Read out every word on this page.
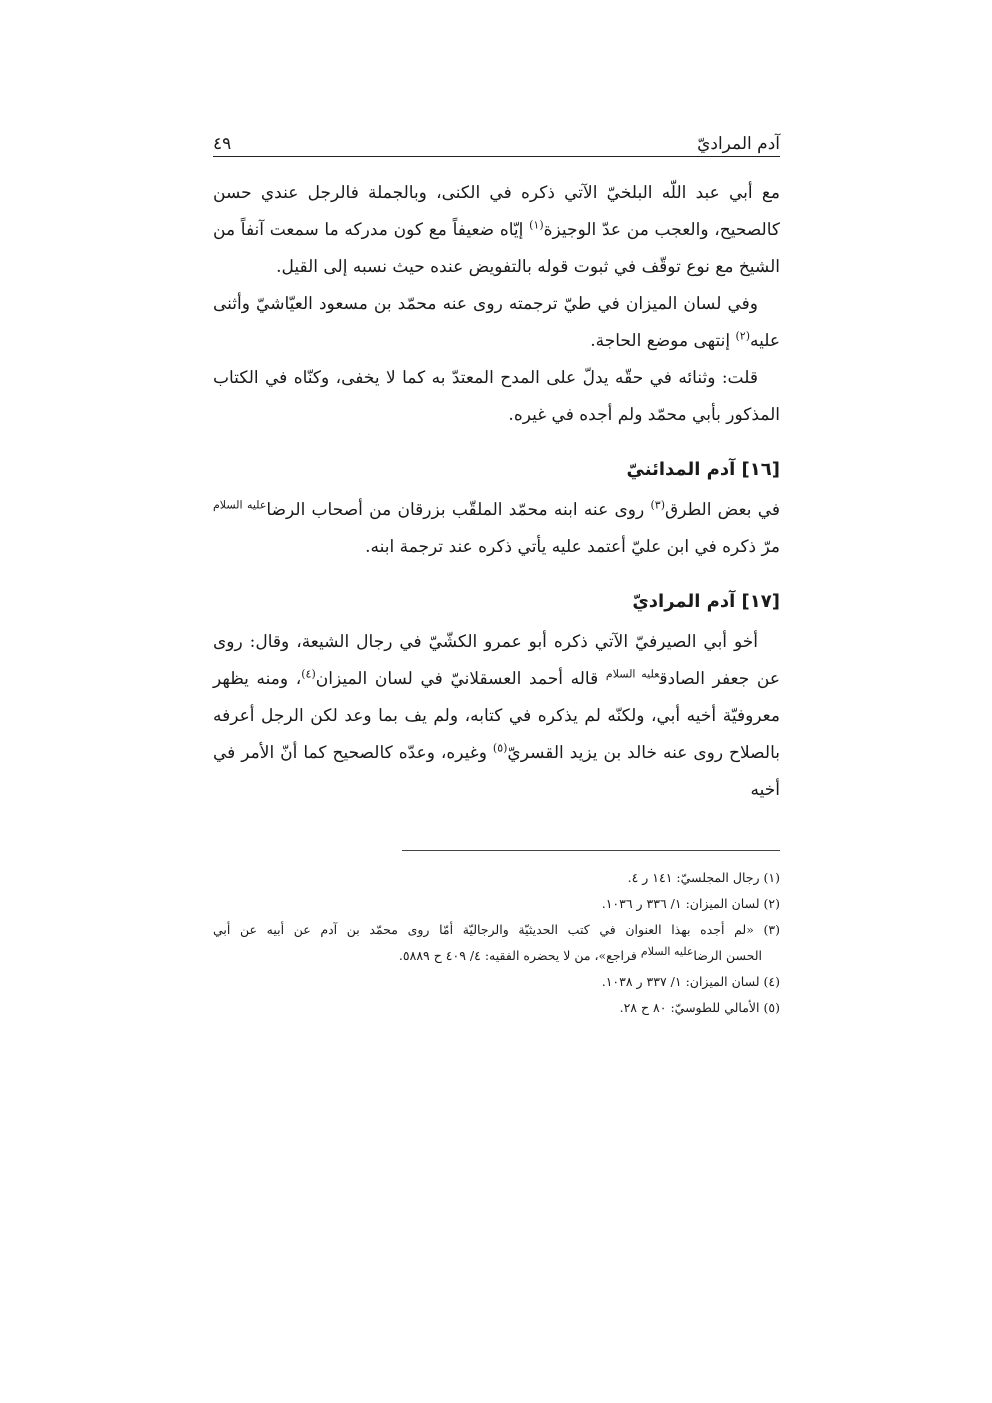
آدم المراديّ
٤٩

مع أبي عبد اللّه البلخيّ الآتي ذكره في الكنى، وبالجملة فالرجل عندي حسن كالصحيح، والعجب من عدّ الوجيزة$^{(١)}$ إيّاه ضعيفاً مع كون مدركه ما سمعت آنفاً من الشيخ مع نوع توقّف في ثبوت قوله بالتفويض عنده حيث نسبه إلى القيل.

وفي لسان الميزان في طيّ ترجمته روى عنه محمّد بن مسعود العيّاشيّ وأثنى عليه$^{(٢)}$ إنتهى موضع الحاجة.

قلت: وثنائه في حقّه يدلّ على المدح المعتدّ به كما لا يخفى، وكنّاه في الكتاب المذكور بأبي محمّد ولم أجده في غيره.

[١٦] آدم المدائنيّ

في بعض الطرق$^{(٣)}$ روى عنه ابنه محمّد الملقّب بزرقان من أصحاب الرضا$^{عليه السلام}$ مرّ ذكره في ابن عليّ أعتمد عليه يأتي ذكره عند ترجمة ابنه.

[١٧] آدم المراديّ

أخو أبي الصيرفيّ الآتي ذكره أبو عمرو الكشّيّ في رجال الشيعة، وقال: روى عن جعفر الصادق$^{عليه السلام}$ قاله أحمد العسقلانيّ في لسان الميزان$^{(٤)}$، ومنه يظهر معروفيّة أخيه أبي، ولكنّه لم يذكره في كتابه، ولم يف بما وعد لكن الرجل أعرفه بالصلاح روى عنه خالد بن يزيد القسريّ$^{(٥)}$ وغيره، وعدّه كالصحيح كما أنّ الأمر في أخيه

(١) رجال المجلسيّ: ١٤١ ر ٤.

(٢) لسان الميزان: ١/ ٣٣٦ ر ١٠٣٦.

(٣) «لم أجده بهذا العنوان في كتب الحديثيّة والرجاليّة أمّا روى محمّد بن آدم عن أبيه عن أبي

الحسن الرضاعليه السلام فراجع»، من لا يحضره الفقيه: ٤/ ٤٠٩ ح ٥٨٨٩.

(٤) لسان الميزان: ١/ ٣٣٧ ر ١٠٣٨.

(٥) الأمالي للطوسيّ: ٨٠ ح ٢٨.
